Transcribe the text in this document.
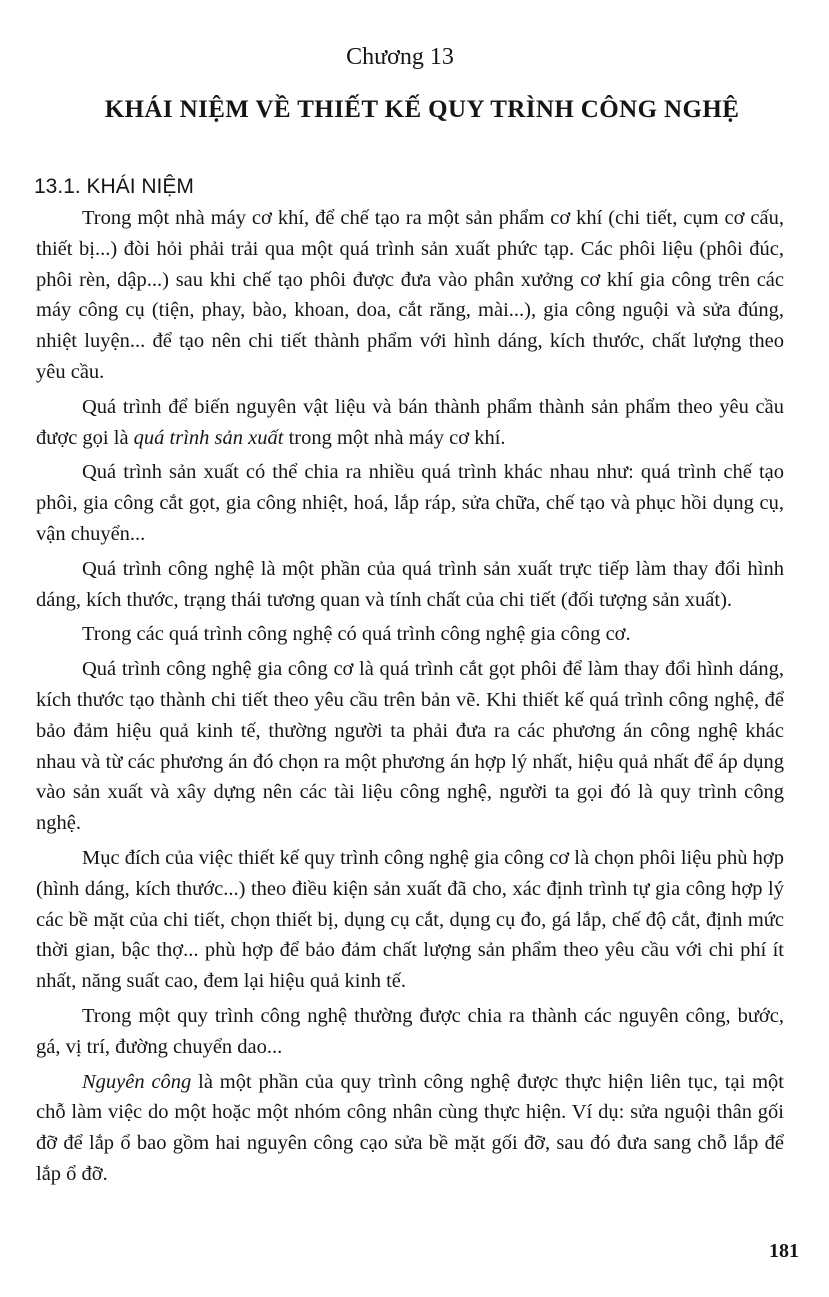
Chương 13
KHÁI NIỆM VỀ THIẾT KẾ QUY TRÌNH CÔNG NGHỆ
13.1. KHÁI NIỆM

Trong một nhà máy cơ khí, để chế tạo ra một sản phẩm cơ khí (chi tiết, cụm cơ cấu, thiết bị...) đòi hỏi phải trải qua một quá trình sản xuất phức tạp. Các phôi liệu (phôi đúc, phôi rèn, dập...) sau khi chế tạo phôi được đưa vào phân xưởng cơ khí gia công trên các máy công cụ (tiện, phay, bào, khoan, doa, cắt răng, mài...), gia công nguội và sửa đúng, nhiệt luyện... để tạo nên chi tiết thành phẩm với hình dáng, kích thước, chất lượng theo yêu cầu.

Quá trình để biến nguyên vật liệu và bán thành phẩm thành sản phẩm theo yêu cầu được gọi là quá trình sản xuất trong một nhà máy cơ khí.

Quá trình sản xuất có thể chia ra nhiều quá trình khác nhau như: quá trình chế tạo phôi, gia công cắt gọt, gia công nhiệt, hoá, lắp ráp, sửa chữa, chế tạo và phục hồi dụng cụ, vận chuyển...

Quá trình công nghệ là một phần của quá trình sản xuất trực tiếp làm thay đổi hình dáng, kích thước, trạng thái tương quan và tính chất của chi tiết (đối tượng sản xuất).

Trong các quá trình công nghệ có quá trình công nghệ gia công cơ.

Quá trình công nghệ gia công cơ là quá trình cắt gọt phôi để làm thay đổi hình dáng, kích thước tạo thành chi tiết theo yêu cầu trên bản vẽ. Khi thiết kế quá trình công nghệ, để bảo đảm hiệu quả kinh tế, thường người ta phải đưa ra các phương án công nghệ khác nhau và từ các phương án đó chọn ra một phương án hợp lý nhất, hiệu quả nhất để áp dụng vào sản xuất và xây dựng nên các tài liệu công nghệ, người ta gọi đó là quy trình công nghệ.

Mục đích của việc thiết kế quy trình công nghệ gia công cơ là chọn phôi liệu phù hợp (hình dáng, kích thước...) theo điều kiện sản xuất đã cho, xác định trình tự gia công hợp lý các bề mặt của chi tiết, chọn thiết bị, dụng cụ cắt, dụng cụ đo, gá lắp, chế độ cắt, định mức thời gian, bậc thợ... phù hợp để bảo đảm chất lượng sản phẩm theo yêu cầu với chi phí ít nhất, năng suất cao, đem lại hiệu quả kinh tế.

Trong một quy trình công nghệ thường được chia ra thành các nguyên công, bước, gá, vị trí, đường chuyển dao...

Nguyên công là một phần của quy trình công nghệ được thực hiện liên tục, tại một chỗ làm việc do một hoặc một nhóm công nhân cùng thực hiện. Ví dụ: sửa nguội thân gối đỡ để lắp ổ bao gồm hai nguyên công cạo sửa bề mặt gối đỡ, sau đó đưa sang chỗ lắp để lắp ổ đỡ.

181
